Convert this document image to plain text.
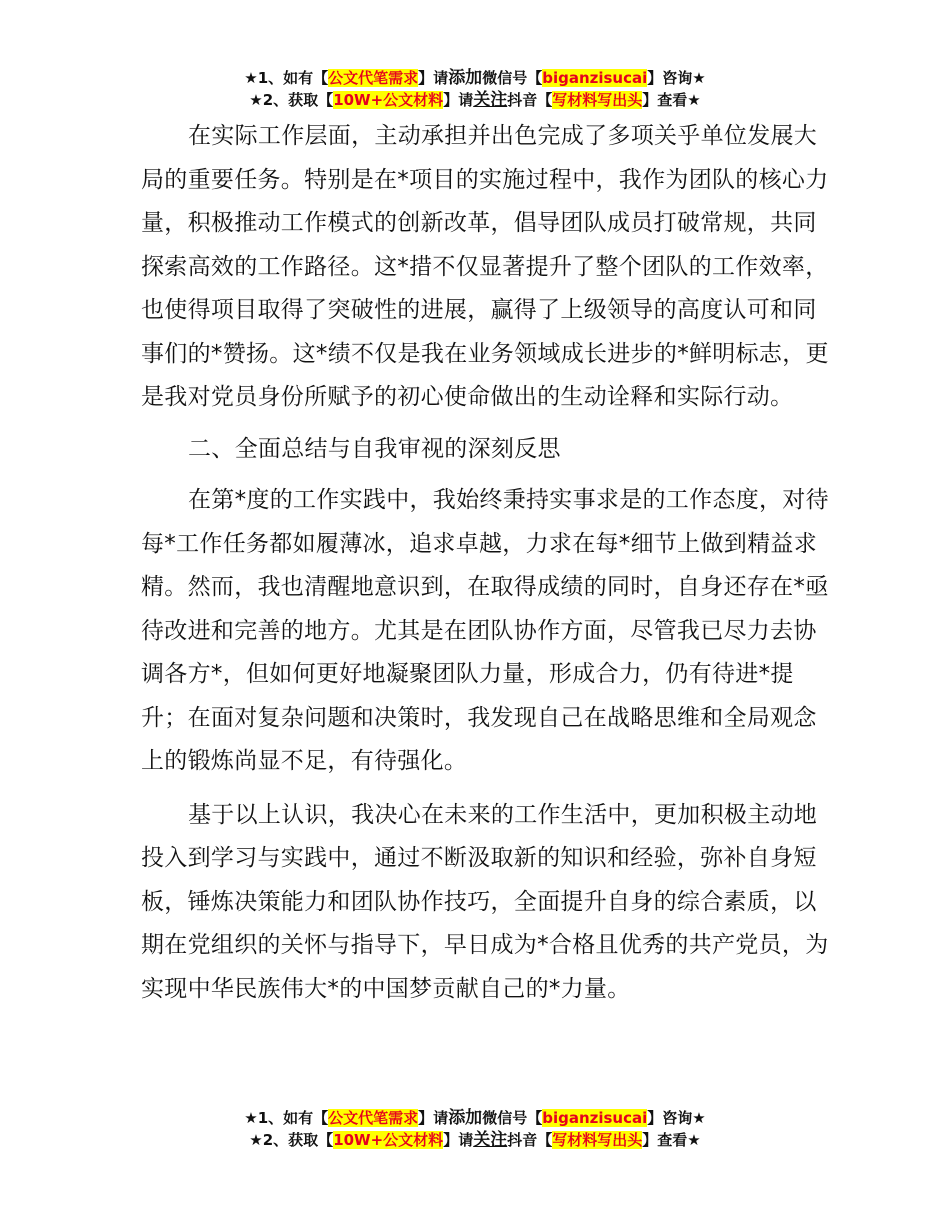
★1、如有【公文代笔需求】请添加微信号【biganzisucai】咨询★
★2、获取【10W+公文材料】请关注抖音【写材料写出头】查看★

在实际工作层面，主动承担并出色完成了多项关乎单位发展大局的重要任务。特别是在*项目的实施过程中，我作为团队的核心力量，积极推动工作模式的创新改革，倡导团队成员打破常规，共同探索高效的工作路径。这*措不仅显著提升了整个团队的工作效率，也使得项目取得了突破性的进展，赢得了上级领导的高度认可和同事们的*赞扬。这*绩不仅是我在业务领域成长进步的*鲜明标志，更是我对党员身份所赋予的初心使命做出的生动诠释和实际行动。

二、全面总结与自我审视的深刻反思

在第*度的工作实践中，我始终秉持实事求是的工作态度，对待每*工作任务都如履薄冰，追求卓越，力求在每*细节上做到精益求精。然而，我也清醒地意识到，在取得成绩的同时，自身还存在*亟待改进和完善的地方。尤其是在团队协作方面，尽管我已尽力去协调各方*，但如何更好地凝聚团队力量，形成合力，仍有待进*提升；在面对复杂问题和决策时，我发现自己在战略思维和全局观念上的锻炼尚显不足，有待强化。

基于以上认识，我决心在未来的工作生活中，更加积极主动地投入到学习与实践中，通过不断汲取新的知识和经验，弥补自身短板，锤炼决策能力和团队协作技巧，全面提升自身的综合素质，以期在党组织的关怀与指导下，早日成为*合格且优秀的共产党员，为实现中华民族伟大*的中国梦贡献自己的*力量。

★1、如有【公文代笔需求】请添加微信号【biganzisucai】咨询★
★2、获取【10W+公文材料】请关注抖音【写材料写出头】查看★
